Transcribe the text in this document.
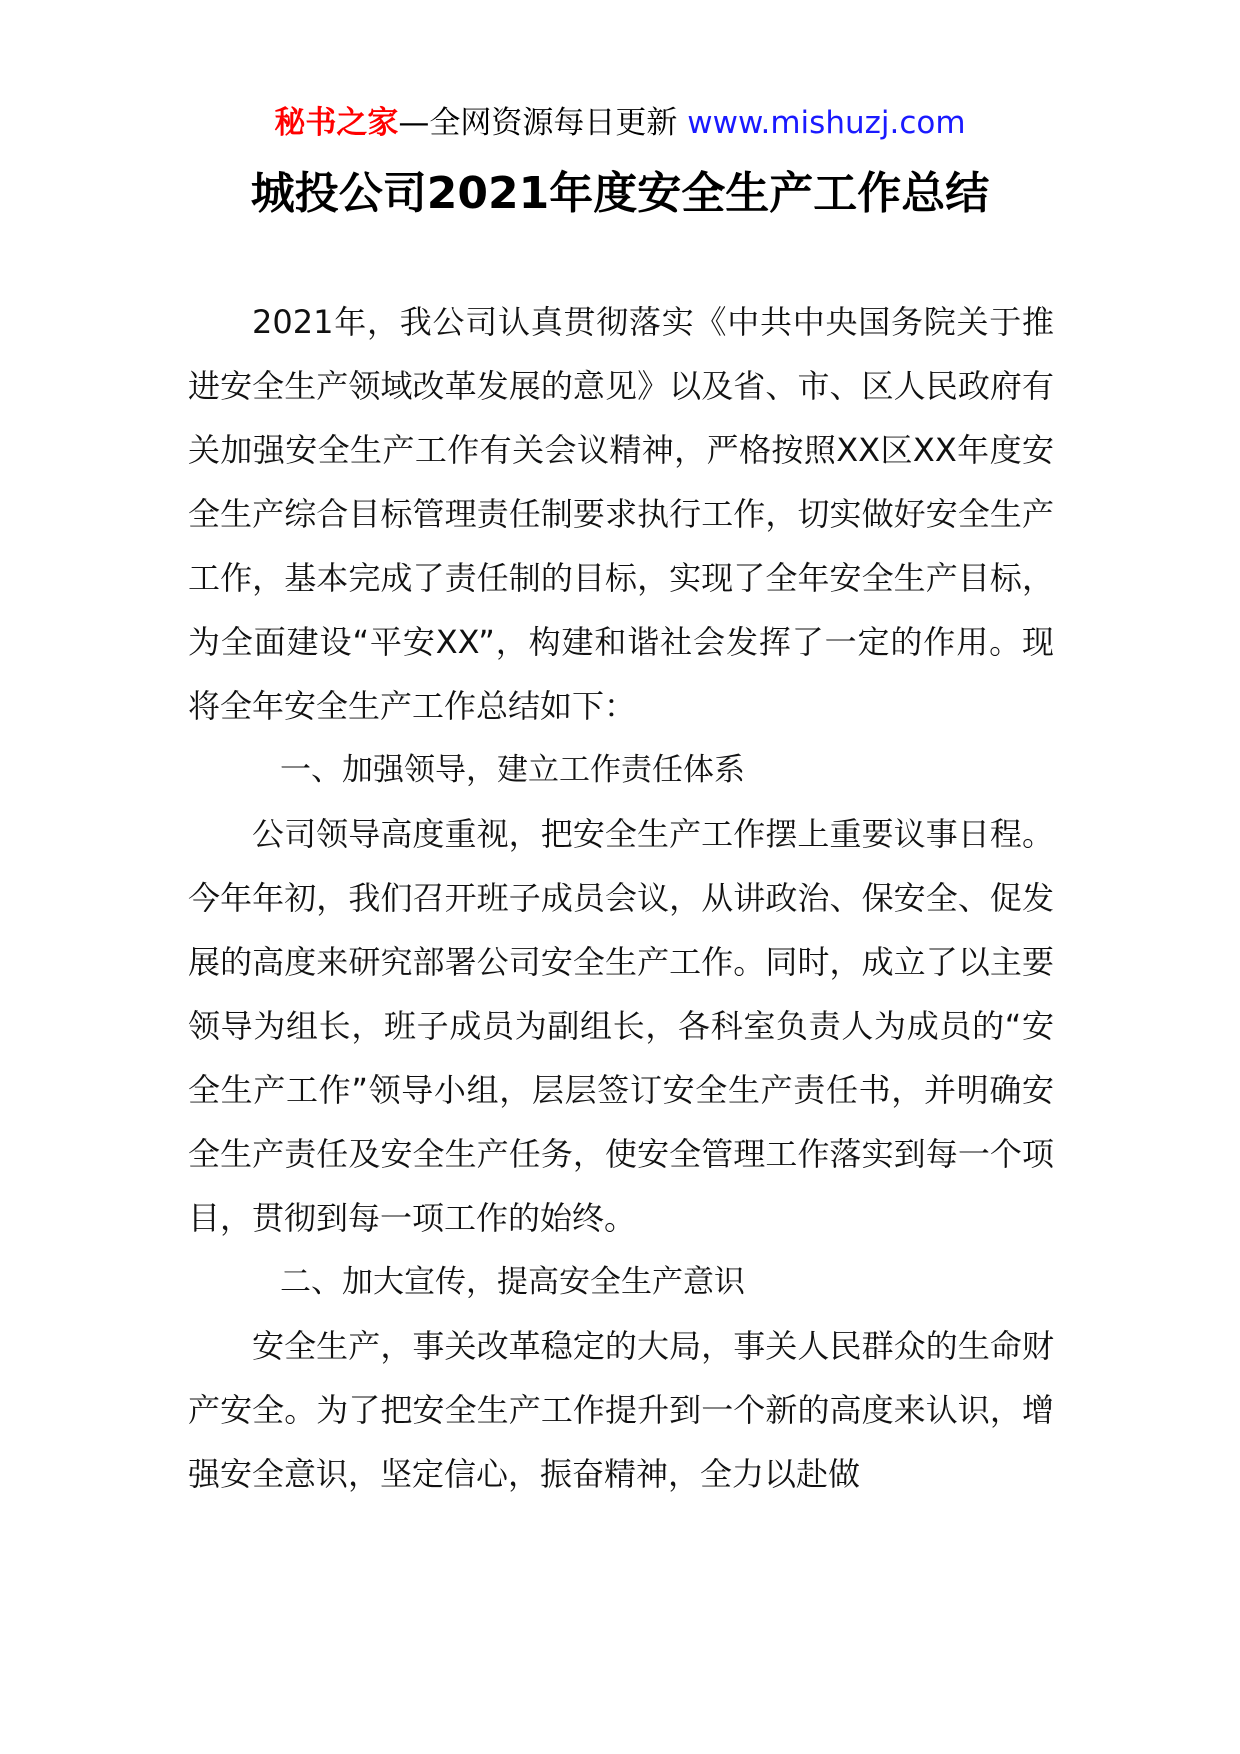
秘书之家—全网资源每日更新 www.mishuzj.com
城投公司2021年度安全生产工作总结

2021年，我公司认真贯彻落实《中共中央国务院关于推进安全生产领域改革发展的意见》以及省、市、区人民政府有关加强安全生产工作有关会议精神，严格按照XX区XX年度安全生产综合目标管理责任制要求执行工作，切实做好安全生产工作，基本完成了责任制的目标，实现了全年安全生产目标，为全面建设“平安XX”，构建和谐社会发挥了一定的作用。现将全年安全生产工作总结如下：

一、加强领导，建立工作责任体系

公司领导高度重视，把安全生产工作摆上重要议事日程。今年年初，我们召开班子成员会议，从讲政治、保安全、促发展的高度来研究部署公司安全生产工作。同时，成立了以主要领导为组长，班子成员为副组长，各科室负责人为成员的“安全生产工作”领导小组，层层签订安全生产责任书，并明确安全生产责任及安全生产任务，使安全管理工作落实到每一个项目，贯彻到每一项工作的始终。

二、加大宣传，提高安全生产意识

安全生产，事关改革稳定的大局，事关人民群众的生命财产安全。为了把安全生产工作提升到一个新的高度来认识，增强安全意识，坚定信心，振奋精神，全力以赴做
